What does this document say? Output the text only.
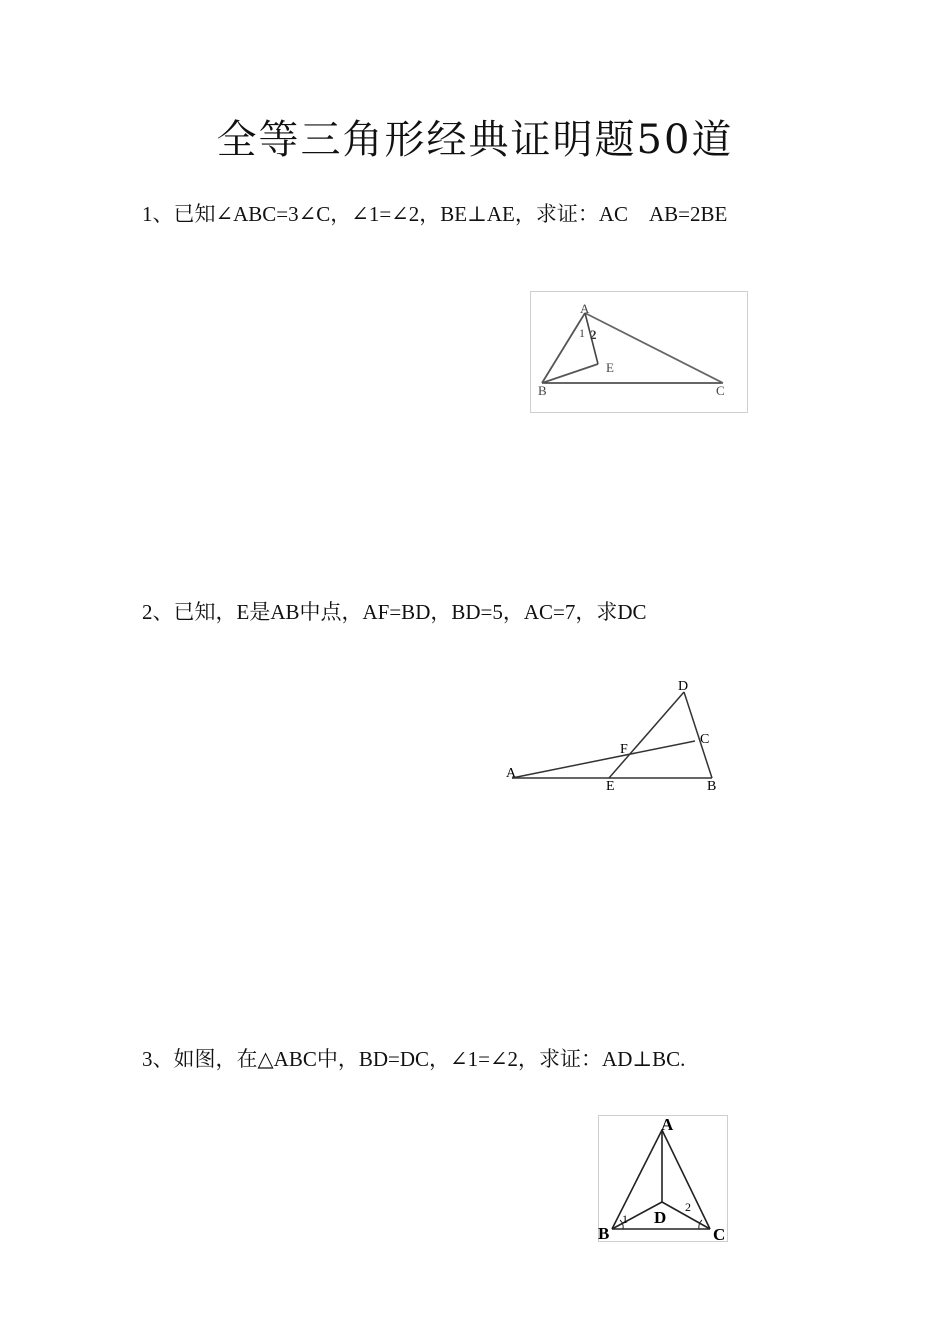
全等三角形经典证明题50道
1、已知∠ABC=3∠C，∠1=∠2，BE⊥AE，求证：AC　AB=2BE
A
B	C
E
1 2
2、已知，E是AB中点，AF=BD，BD=5，AC=7，求DC
A
B
C
D
E
F
3、如图，在△ABC中，BD=DC，∠1=∠2，求证：AD⊥BC.
A
B	C
D
1
2
